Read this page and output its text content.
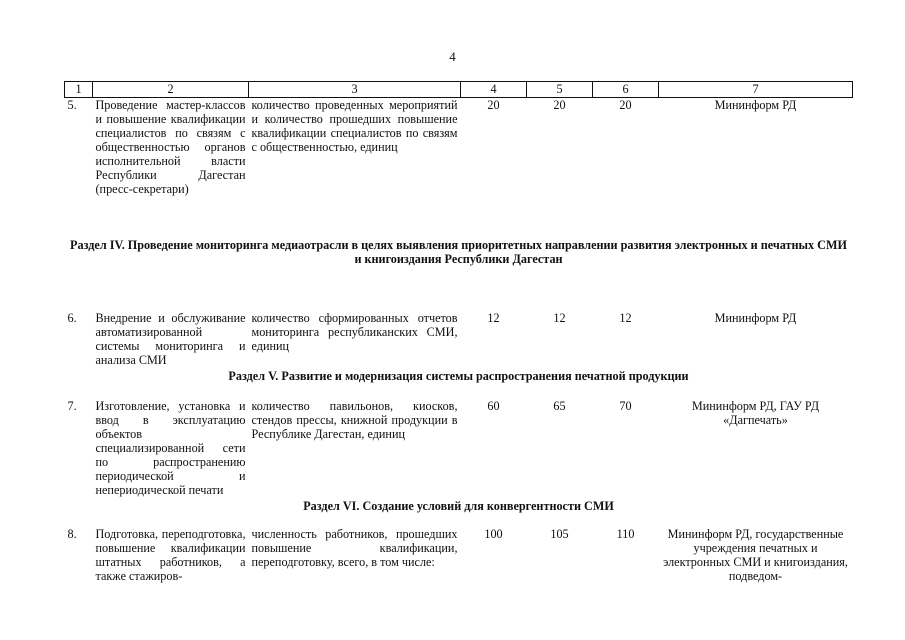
4
1	2	3	4	5	6	7
5.	Проведение мастер-классов и повышение квалификации специалистов по связям с общественностью органов исполнительной власти Республики Дагестан (пресс-секретари)	количество проведенных мероприятий и количество прошедших повышение квалификации специалистов по связям с общественностью, единиц	20	20	20	Мининформ РД

Раздел IV. Проведение мониторинга медиаотрасли в целях выявления приоритетных направлении развития электронных и печатных СМИ и книгоиздания Республики Дагестан						

6.	Внедрение и обслуживание автоматизированной системы мониторинга и анализа СМИ	количество сформированных отчетов мониторинга республиканских СМИ, единиц	12	12	12	Мининформ РД
Раздел V. Развитие и модернизация системы распространения печатной продукции						
7.	Изготовление, установка и ввод в эксплуатацию объектов специализированной сети по распространению периодической и непериодической печати	количество павильонов, киосков, стендов прессы, книжной продукции в Республике Дагестан, единиц	60	65	70	Мининформ РД, ГАУ РД «Дагпечать»
Раздел VI. Создание условий для конвергентности СМИ						
8.	Подготовка, переподготовка, повышение квалификации штатных работников, а также стажиров-	численность работников, прошедших повышение квалификации, переподготовку, всего, в том числе:	100	105	110	Мининформ РД, государственные учреждения печатных и электронных СМИ и книгоиздания, подведом-
